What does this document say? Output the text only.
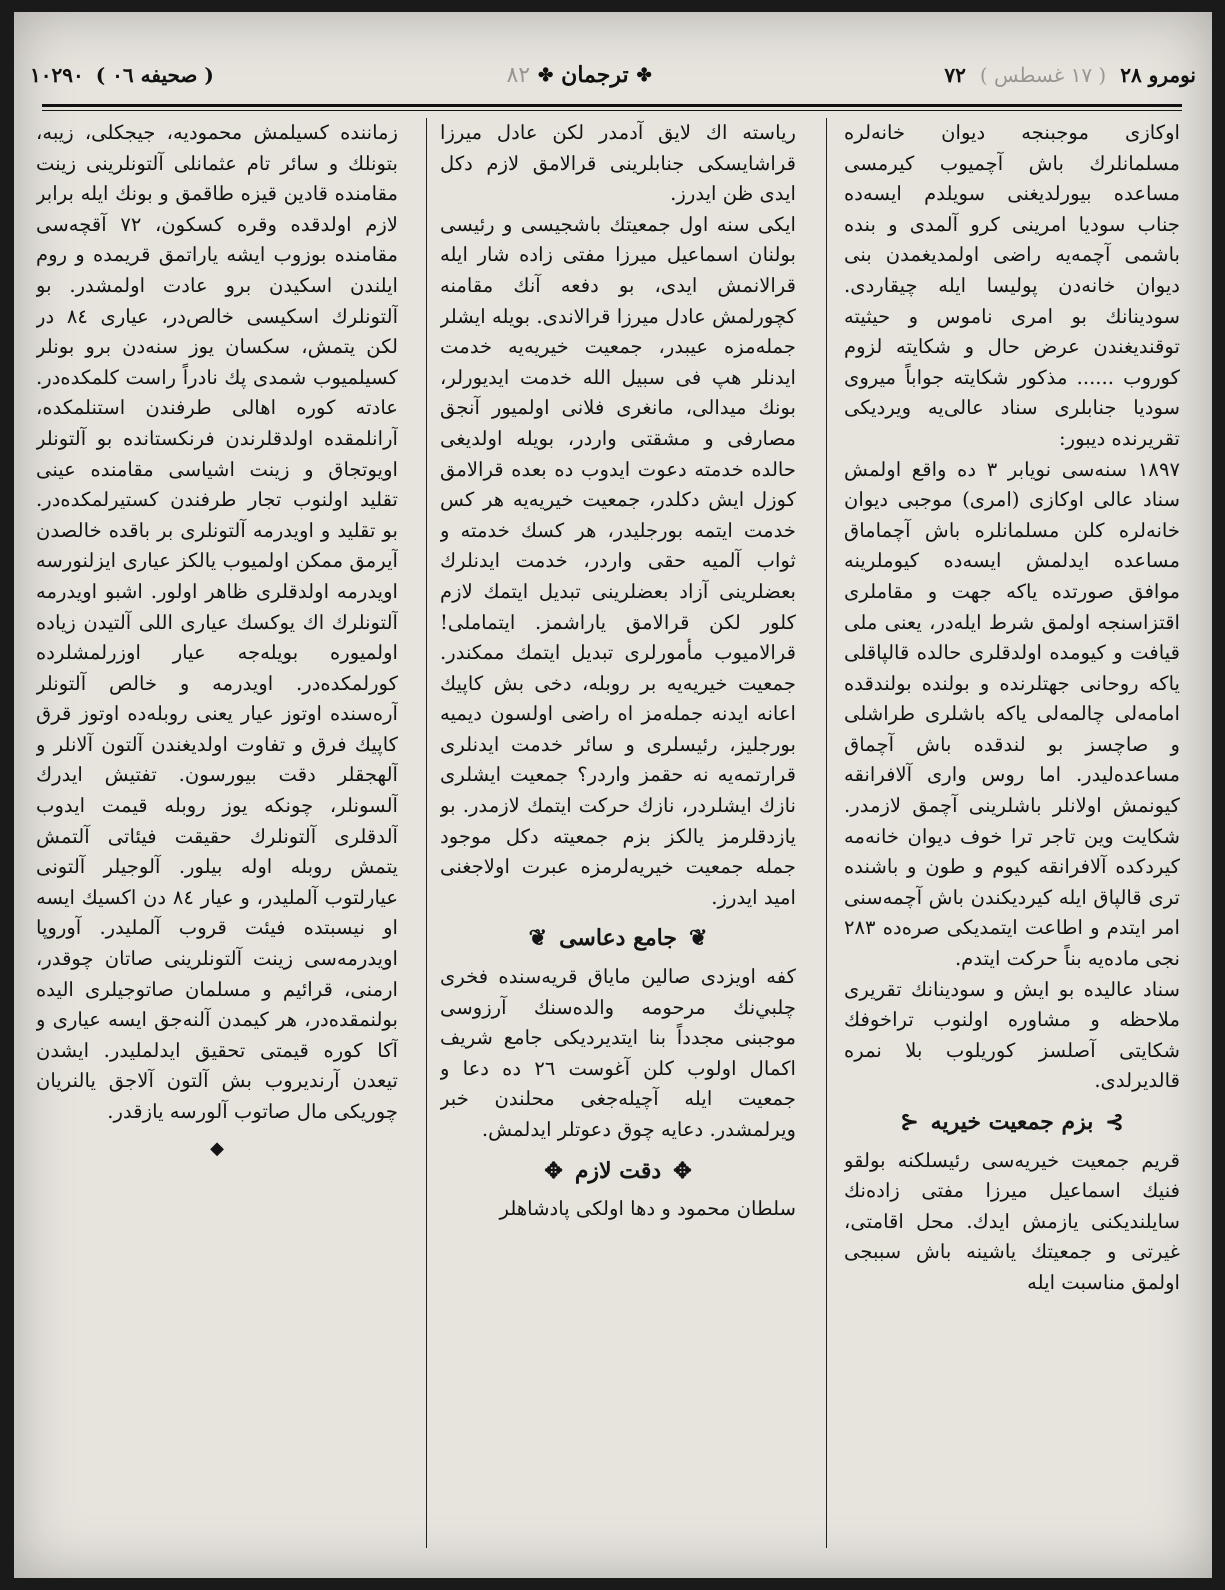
نومرو ۲۸
( ۱۷ غسطس )
۷۲
✤
ترجمان
✤
۸۲
( صحيفه ۰٦ )
۱۰۲۹۰

اوكازى موجبنجه ديوان خانه‌لره مسلمانلرك باش آچميوب كيرمسى مساعده بيورلديغنى سويلدم ايسه‌ده جناب سوديا امرينى كرو آلمدى و بنده باشمى آچمه‌يه راضى اولمديغمدن بنى ديوان خانه‌دن پوليسا ايله چيقاردى. سودينانك بو امرى ناموس و حيثيته توقنديغندن عرض حال و شكايته لزوم كوروب ...... مذكور شكايته جواباً ميروى سوديا جنابلرى سناد عالى‌يه ويرديكى تقريرنده ديبور:

۱۸۹۷ سنه‌سى نويابر ۳ ده واقع اولمش سناد عالى اوكازى (امرى) موجبى ديوان خانه‌لره كلن مسلمانلره باش آچماماق مساعده ايدلمش ايسه‌ده كيوملرينه موافق صورتده ياكه جهت و مقاملرى اقتزاسنجه اولمق شرط ايله‌در، يعنى ملى قيافت و كيومده اولدقلرى حالده قالپاقلى ياكه روحانى جهتلرنده و بولنده بولندقده امامه‌لى چالمه‌لى ياكه باشلرى طراشلى و صاچسز بو لندقده باش آچماق مساعده‌ليدر. اما روس وارى آلافرانقه كيونمش اولانلر باشلرينى آچمق لازمدر. شكايت وين تاجر ترا خوف ديوان خانه‌مه كيردكده آلافرانقه كيوم و طون و باشنده ترى قالپاق ايله كيرديكندن باش آچمه‌سنى امر ايتدم و اطاعت ايتمديكى صره‌ده ۲۸۳ نجى ماده‌يه بناً حركت ايتدم.

سناد عاليده بو ايش و سودينانك تقريرى ملاحظه و مشاوره اولنوب تراخوفك شكايتى آصلسز كوريلوب بلا نمره قالديرلدى.

⊱
بزم جمعيت خيريه
⊰

قريم جمعيت خيريه‌سى رئيسلكنه بولقو فنيك اسماعيل ميرزا مفتى زاده‌نك سايلنديكنى يازمش ايدك. محل اقامتى، غيرتى و جمعيتك ياشينه باش سببجى اولمق مناسبت ايله

رياسته اك لايق آدمدر لكن عادل ميرزا قراشايسكى جنابلرينى قرالامق لازم دكل ايدى ظن ايدرز.

ايكى سنه اول جمعيتك باشجيسى و رئيسى بولنان اسماعيل ميرزا مفتى زاده شار ايله قرالانمش ايدى، بو دفعه آنك مقامنه كچورلمش عادل ميرزا قرالاندى. بويله ايشلر جمله‌مزه عيبدر، جمعيت خيريه‌يه خدمت ايدنلر هپ فى سبيل الله خدمت ايديورلر، بونك ميدالى، مانغرى فلانى اولميور آنجق مصارفى و مشقتى واردر، بويله اولديغى حالده خدمته دعوت ايدوب ده بعده قرالامق كوزل ايش دكلدر، جمعيت خيريه‌يه هر كس خدمت ايتمه بورجليدر، هر كسك خدمته و ثواب آلميه حقى واردر، خدمت ايدنلرك بعضلرينى آزاد بعضلرينى تبديل ايتمك لازم كلور لكن قرالامق ياراشمز. ايتماملى! قرالاميوب مأمورلرى تبديل ايتمك ممكندر. جمعيت خيريه‌يه بر روبله، دخى بش كاپيك اعانه ايدنه جمله‌مز اه راضى اولسون ديميه بورجليز، رئيسلرى و سائر خدمت ايدنلرى قرارتمه‌يه نه حقمز واردر؟ جمعيت ايشلرى نازك ايشلردر، نازك حركت ايتمك لازمدر. بو يازدقلرمز يالكز بزم جمعيته دكل موجود جمله جمعيت خيريه‌لرمزه عبرت اولاجغنى اميد ايدرز.

❦
جامع دعاسى
❦

كفه اويزدى صالين ماياق قريه‌سنده فخرى چلبي‌نك مرحومه والده‌سنك آرزوسى موجبنى مجدداً بنا ايتديرديكى جامع شريف اكمال اولوب كلن آغوست ۲٦ ده دعا و جمعيت ايله آچيله‌جغى محلندن خبر ويرلمشدر. دعايه چوق دعوتلر ايدلمش.

✥
دقت لازم
✥

سلطان محمود و دها اولكى پادشاهلر

زماننده كسيلمش محموديه، جيجكلى، زيبه، بتونلك و سائر تام عثمانلى آلتونلرينى زينت مقامنده قادين قيزه طاقمق و بونك ايله برابر لازم اولدقده وقره كسكون، ٧٢ آقچه‌سى مقامنده بوزوب ايشه ياراتمق قريمده و روم ايلندن اسكيدن برو عادت اولمشدر. بو آلتونلرك اسكيسى خالص‌در، عيارى ۸٤ در لكن يتمش، سكسان يوز سنه‌دن برو بونلر كسيلميوب شمدى پك نادراً راست كلمكده‌در. عادته كوره اهالى طرفندن استنلمكده، آرانلمقده اولدقلرندن فرنكستانده بو آلتونلر اويوتجاق و زينت اشياسى مقامنده عينى تقليد اولنوب تجار طرفندن كستيرلمكده‌در. بو تقليد و اويدرمه آلتونلرى بر باقده خالصدن آيرمق ممكن اولميوب يالكز عيارى ايزلنورسه اويدرمه اولدقلرى ظاهر اولور. اشبو اويدرمه آلتونلرك اك يوكسك عيارى اللى آلتيدن زياده اولميوره بويله‌جه عيار اوزرلمشلرده كورلمكده‌در. اويدرمه و خالص آلتونلر آره‌سنده اوتوز عيار يعنى روبله‌ده اوتوز قرق كاپيك فرق و تفاوت اولديغندن آلتون آلانلر و آلهجقلر دقت بيورسون. تفتيش ايدرك آلسونلر، چونكه يوز روبله قيمت ايدوب آلدقلرى آلتونلرك حقيقت فيئاتى آلتمش يتمش روبله اوله بيلور. آلوجيلر آلتونى عيارلتوب آلمليدر، و عيار ۸٤ دن اكسيك ايسه او نيسبتده فيئت قروب آلمليدر. آوروپا اويدرمه‌سى زينت آلتونلرينى صاتان چوقدر، ارمنى، قرائيم و مسلمان صاتوجيلرى اليده بولنمقده‌در، هر كيمدن آلنه‌جق ايسه عيارى و آكا كوره قيمتى تحقيق ايدلمليدر. ايشدن تيعدن آرنديروب بش آلتون آلاجق يالنريان چوريكى مال صاتوب آلورسه يازقدر.

◆
